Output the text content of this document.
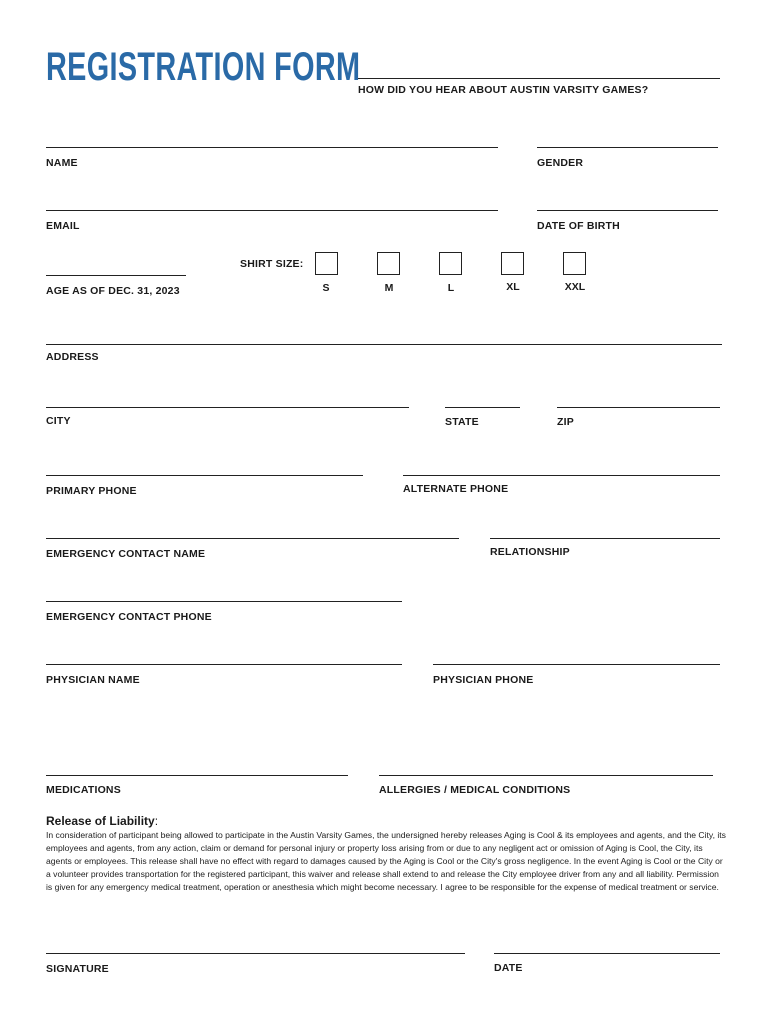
REGISTRATION FORM
HOW DID YOU HEAR ABOUT AUSTIN VARSITY GAMES?
NAME	GENDER
EMAIL	DATE OF BIRTH
AGE AS OF DEC. 31, 2023
SHIRT SIZE:
S	M	L	XL	XXL
ADDRESS
CITY	STATE	ZIP
PRIMARY PHONE	ALTERNATE PHONE
EMERGENCY CONTACT NAME	RELATIONSHIP
EMERGENCY CONTACT PHONE
PHYSICIAN NAME	PHYSICIAN PHONE
MEDICATIONS	ALLERGIES / MEDICAL CONDITIONS
Release of Liability:
In consideration of participant being allowed to participate in the Austin Varsity Games, the undersigned hereby releases Aging is Cool & its employees and agents, and the City, its employees and agents, from any action, claim or demand for personal injury or property loss arising from or due to any negligent act or omission of Aging is Cool, the City, its agents or employees. This release shall have no effect with regard to damages caused by the Aging is Cool or the City's gross negligence. In the event Aging is Cool or the City or a volunteer provides transportation for the registered participant, this waiver and release shall extend to and release the City employee driver from any and all liability. Permission is given for any emergency medical treatment, operation or anesthesia which might become necessary. I agree to be responsible for the expense of medical treatment or service.
SIGNATURE	DATE
